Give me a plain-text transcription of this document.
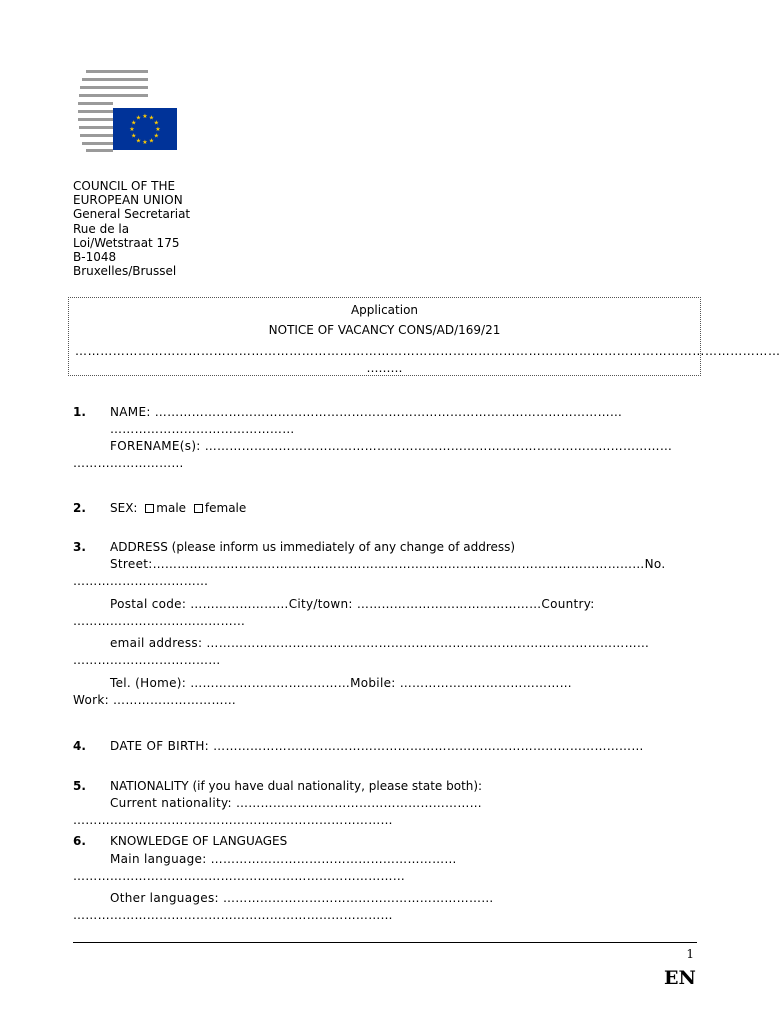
★ ★
★
★
★
★
★
★
★
★
★
★
COUNCIL OF THE
EUROPEAN UNION
General Secretariat
Rue de la
Loi/Wetstraat 175
B-1048
Bruxelles/Brussel
Application
NOTICE OF VACANCY CONS/AD/169/21
……………………………………………………………………………………………………………………………………………………
………
1. NAME: ……………………………………………………………………………………………………
………………………………………
FORENAME(s): ……………………………………………………………………………………………………
………………………
2. SEX: male female
3. ADDRESS (please inform us immediately of any change of address)
Street:…………………………………………………………………………………………………………No.
……………………………
Postal code: ……………………City/town: ………………………………………Country:
……………………………………
email address: ………………………………………………………………………………………………
………………………………
Tel. (Home): …………………………………Mobile: ……………………………………
Work: …………………………
4. DATE OF BIRTH: ……………………………………………………………………………………………
5. NATIONALITY (if you have dual nationality, please state both):
Current nationality: ……………………………………………………
……………………………………………………………………
6. KNOWLEDGE OF LANGUAGES
Main language: ……………………………………………………
………………………………………………………………………
Other languages: …………………………………………………………
……………………………………………………………………
1
EN
